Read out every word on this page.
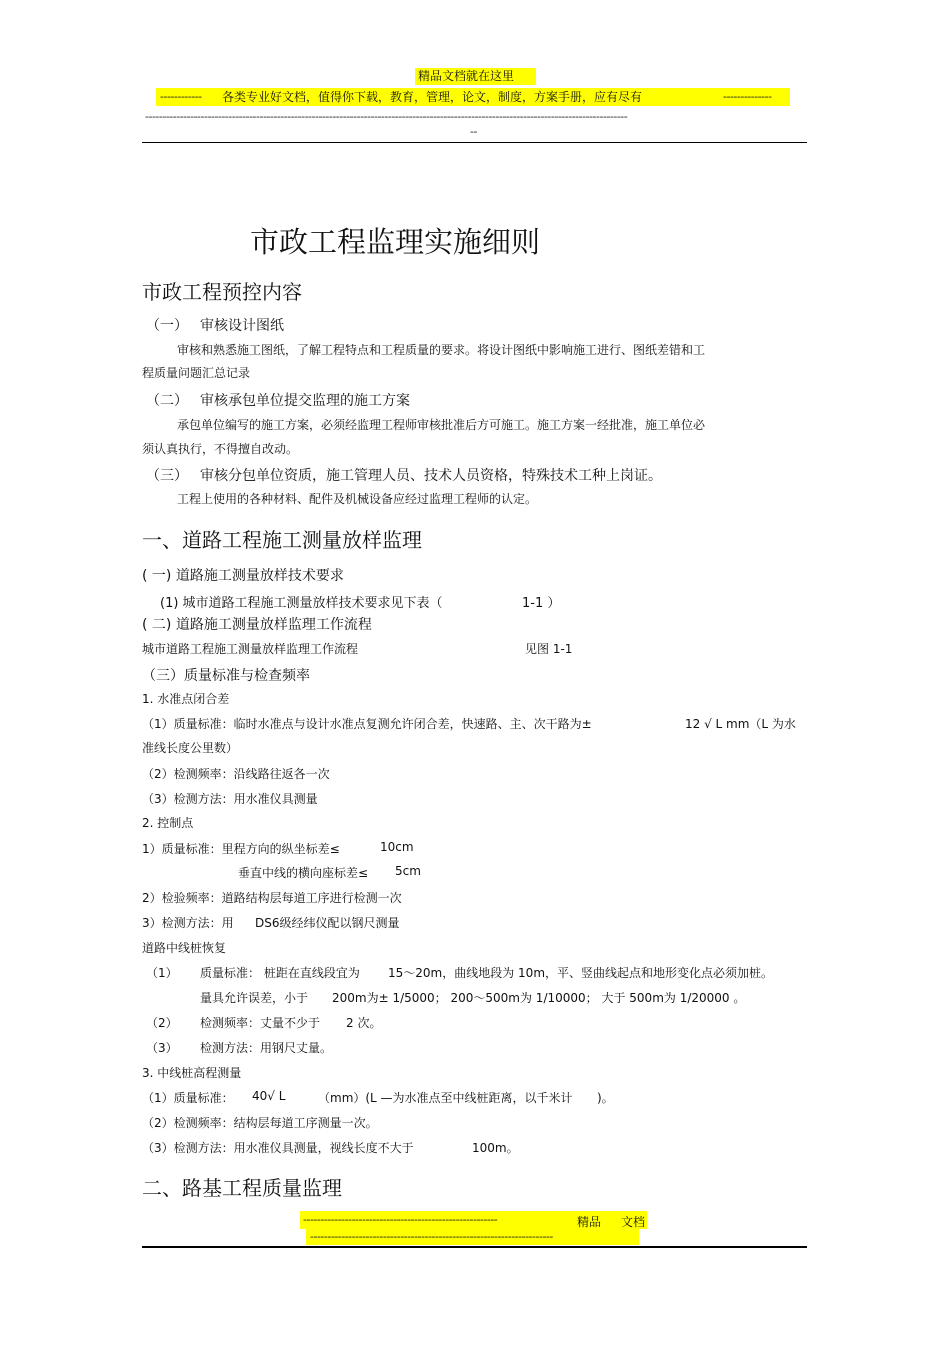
精品文档就在这里
------------ 各类专业好文档，值得你下载，教育，管理，论文，制度，方案手册，应有尽有	--------------
-------------------------------------------------------------------------------------------------------------------------------------------
--
市政工程监理实施细则
市政工程预控内容
（一） 审核设计图纸
审核和熟悉施工图纸，了解工程特点和工程质量的要求。将设计图纸中影响施工进行、图纸差错和工
程质量问题汇总记录
（二） 审核承包单位提交监理的施工方案
承包单位编写的施工方案，必须经监理工程师审核批准后方可施工。施工方案一经批准，施工单位必
须认真执行，不得擅自改动。
（三） 审核分包单位资质，施工管理人员、技术人员资格，特殊技术工种上岗证。
工程上使用的各种材料、配件及机械设备应经过监理工程师的认定。
一、道路工程施工测量放样监理
( 一) 道路施工测量放样技术要求
(1) 城市道路工程施工测量放样技术要求见下表（	1-1 ）
( 二) 道路施工测量放样监理工作流程
城市道路工程施工测量放样监理工作流程	见图 1-1
（三）质量标准与检查频率
1. 水准点闭合差
（1）质量标准：临时水准点与设计水准点复测允许闭合差，快速路、主、次干路为±	12 √ L mm（L 为水
准线长度公里数）
（2）检测频率：沿线路往返各一次
（3）检测方法：用水准仪具测量
2. 控制点
1）质量标准：里程方向的纵坐标差≤	10cm
垂直中线的横向座标差≤ 5cm
2）检验频率：道路结构层每道工序进行检测一次
3）检测方法：用 DS6级经纬仪配以钢尺测量
道路中线桩恢复
（1） 质量标准： 桩距在直线段宜为 15～20m，曲线地段为 10m，平、竖曲线起点和地形变化点必须加桩。
量具允许误差，小于 200m为± 1/5000； 200～500m为 1/10000； 大于 500m为 1/20000 。
（2） 检测频率：丈量不少于 2 次。
（3） 检测方法：用钢尺丈量。
3. 中线桩高程测量
（1）质量标准： 40√ L	（mm）(L —为水准点至中线桩距离，以千米计 )。
（2）检测频率：结构层每道工序测量一次。
（3）检测方法：用水准仪具测量，视线长度不大于	100m。
二、路基工程质量监理
--------------------------------------------------------	精品 文档
----------------------------------------------------------------------
